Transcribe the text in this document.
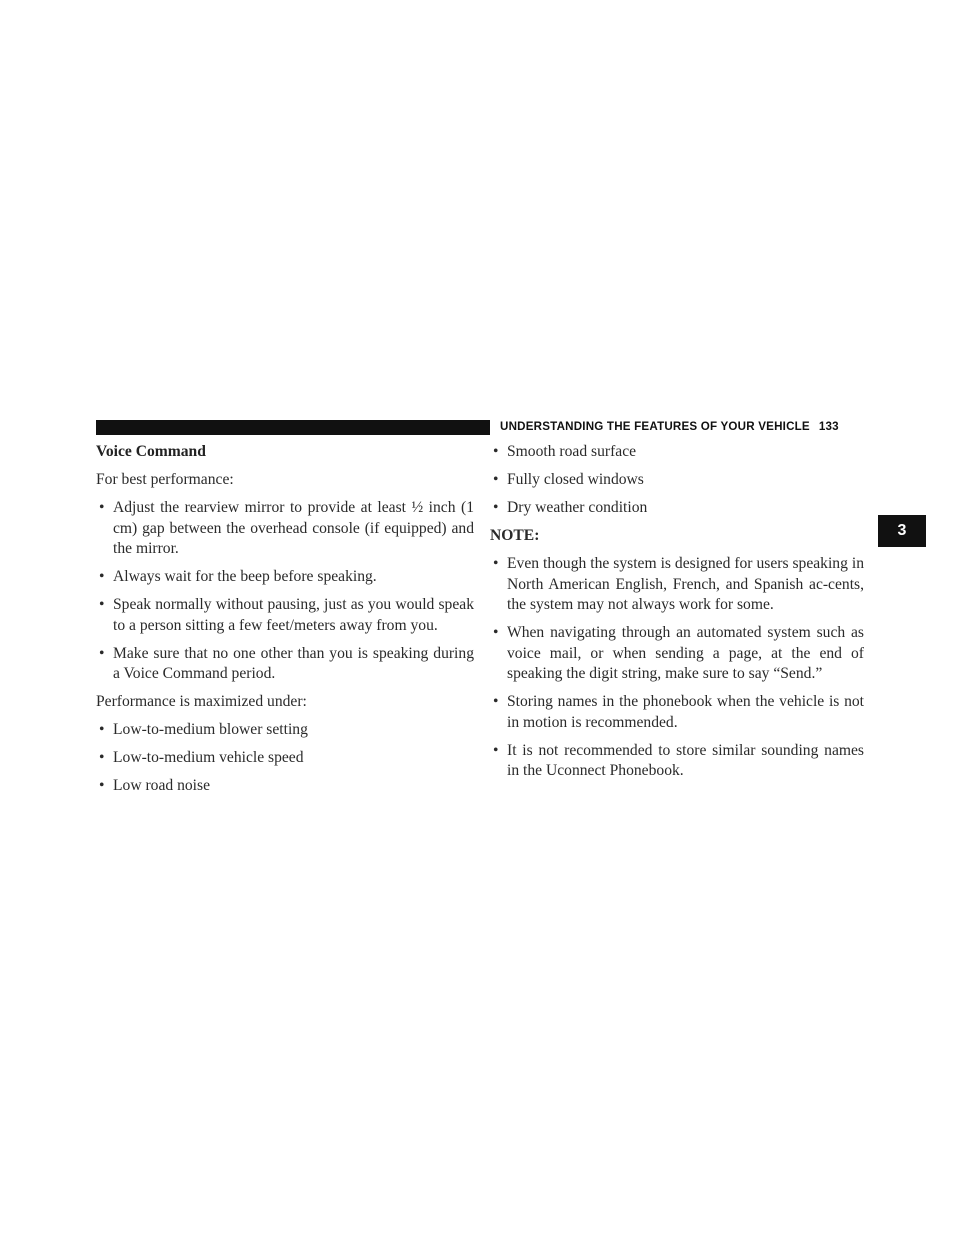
UNDERSTANDING THE FEATURES OF YOUR VEHICLE 133
3
Voice Command
For best performance:
• Adjust the rearview mirror to provide at least ½ inch (1 cm) gap between the overhead console (if equipped) and the mirror.
• Always wait for the beep before speaking.
• Speak normally without pausing, just as you would speak to a person sitting a few feet/meters away from you.
• Make sure that no one other than you is speaking during a Voice Command period.
Performance is maximized under:
• Low-to-medium blower setting
• Low-to-medium vehicle speed
• Low road noise
• Smooth road surface
• Fully closed windows
• Dry weather condition
NOTE:
• Even though the system is designed for users speaking in North American English, French, and Spanish ac-cents, the system may not always work for some.
• When navigating through an automated system such as voice mail, or when sending a page, at the end of speaking the digit string, make sure to say “Send.”
• Storing names in the phonebook when the vehicle is not in motion is recommended.
• It is not recommended to store similar sounding names in the Uconnect Phonebook.
